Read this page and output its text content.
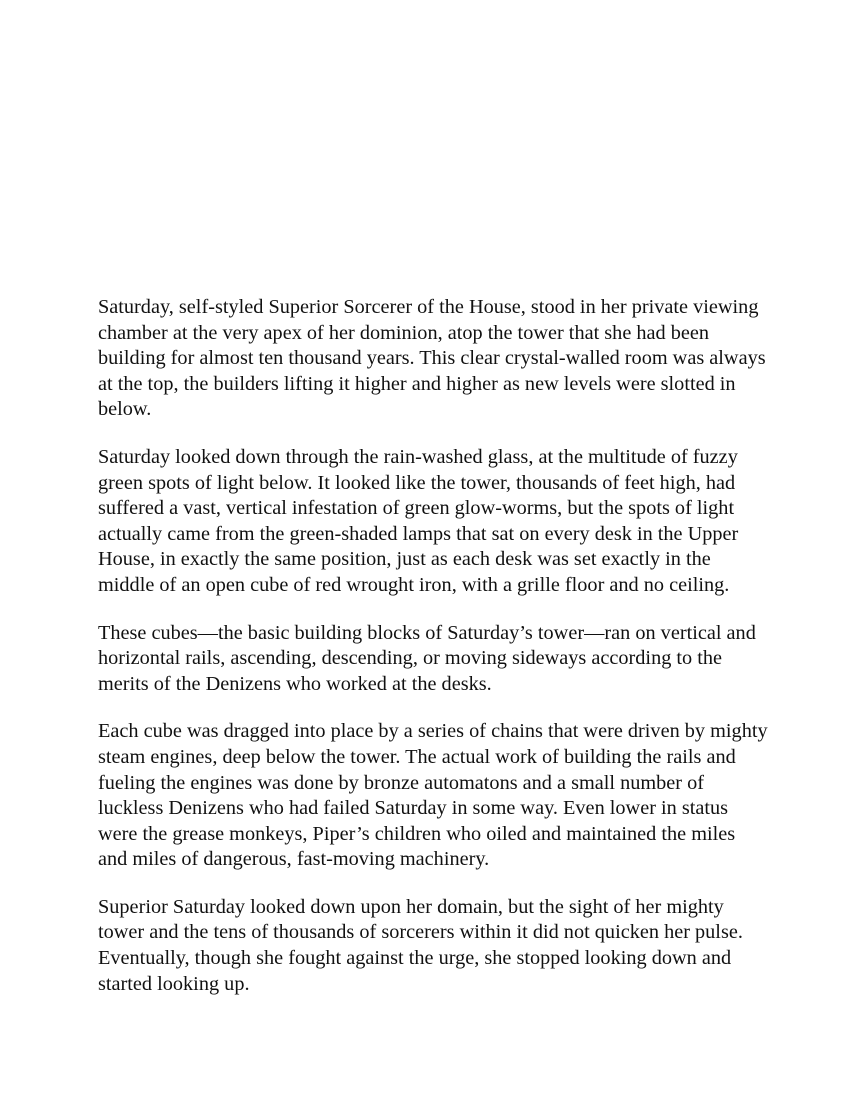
Saturday, self-styled Superior Sorcerer of the House, stood in her private viewing chamber at the very apex of her dominion, atop the tower that she had been building for almost ten thousand years. This clear crystal-walled room was always at the top, the builders lifting it higher and higher as new levels were slotted in below.

Saturday looked down through the rain-washed glass, at the multitude of fuzzy green spots of light below. It looked like the tower, thousands of feet high, had suffered a vast, vertical infestation of green glow-worms, but the spots of light actually came from the green-shaded lamps that sat on every desk in the Upper House, in exactly the same position, just as each desk was set exactly in the middle of an open cube of red wrought iron, with a grille floor and no ceiling.

These cubes—the basic building blocks of Saturday’s tower—ran on vertical and horizontal rails, ascending, descending, or moving sideways according to the merits of the Denizens who worked at the desks.

Each cube was dragged into place by a series of chains that were driven by mighty steam engines, deep below the tower. The actual work of building the rails and fueling the engines was done by bronze automatons and a small number of luckless Denizens who had failed Saturday in some way. Even lower in status were the grease monkeys, Piper’s children who oiled and maintained the miles and miles of dangerous, fast-moving machinery.

Superior Saturday looked down upon her domain, but the sight of her mighty tower and the tens of thousands of sorcerers within it did not quicken her pulse. Eventually, though she fought against the urge, she stopped looking down and started looking up.
